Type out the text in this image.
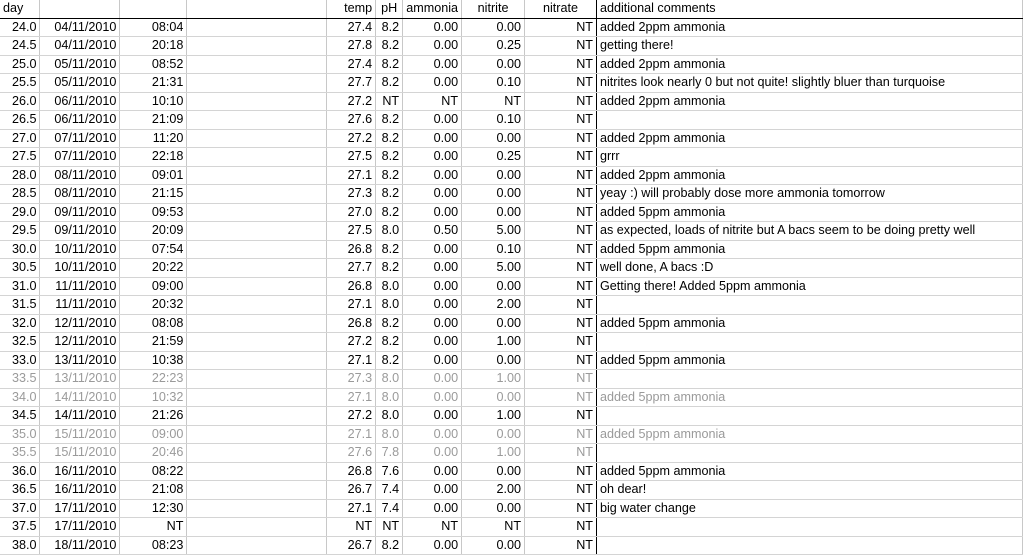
day				temp	pH	ammonia	nitrite	nitrate	additional comments
24.0	04/11/2010	08:04		27.4	8.2	0.00	0.00	NT	added 2ppm ammonia
24.5	04/11/2010	20:18		27.8	8.2	0.00	0.25	NT	getting there!
25.0	05/11/2010	08:52		27.4	8.2	0.00	0.00	NT	added 2ppm ammonia
25.5	05/11/2010	21:31		27.7	8.2	0.00	0.10	NT	nitrites look nearly 0 but not quite! slightly bluer than turquoise
26.0	06/11/2010	10:10		27.2	NT	NT	NT	NT	added 2ppm ammonia
26.5	06/11/2010	21:09		27.6	8.2	0.00	0.10	NT	
27.0	07/11/2010	11:20		27.2	8.2	0.00	0.00	NT	added 2ppm ammonia
27.5	07/11/2010	22:18		27.5	8.2	0.00	0.25	NT	grrr
28.0	08/11/2010	09:01		27.1	8.2	0.00	0.00	NT	added 2ppm ammonia
28.5	08/11/2010	21:15		27.3	8.2	0.00	0.00	NT	yeay :) will probably dose more ammonia tomorrow
29.0	09/11/2010	09:53		27.0	8.2	0.00	0.00	NT	added 5ppm ammonia
29.5	09/11/2010	20:09		27.5	8.0	0.50	5.00	NT	as expected, loads of nitrite but A bacs seem to be doing pretty well
30.0	10/11/2010	07:54		26.8	8.2	0.00	0.10	NT	added 5ppm ammonia
30.5	10/11/2010	20:22		27.7	8.2	0.00	5.00	NT	well done, A bacs :D
31.0	11/11/2010	09:00		26.8	8.0	0.00	0.00	NT	Getting there! Added 5ppm ammonia
31.5	11/11/2010	20:32		27.1	8.0	0.00	2.00	NT	
32.0	12/11/2010	08:08		26.8	8.2	0.00	0.00	NT	added 5ppm ammonia
32.5	12/11/2010	21:59		27.2	8.2	0.00	1.00	NT	
33.0	13/11/2010	10:38		27.1	8.2	0.00	0.00	NT	added 5ppm ammonia
33.5	13/11/2010	22:23		27.3	8.0	0.00	1.00	NT	
34.0	14/11/2010	10:32		27.1	8.0	0.00	0.00	NT	added 5ppm ammonia
34.5	14/11/2010	21:26		27.2	8.0	0.00	1.00	NT	
35.0	15/11/2010	09:00		27.1	8.0	0.00	0.00	NT	added 5ppm ammonia
35.5	15/11/2010	20:46		27.6	7.8	0.00	1.00	NT	
36.0	16/11/2010	08:22		26.8	7.6	0.00	0.00	NT	added 5ppm ammonia
36.5	16/11/2010	21:08		26.7	7.4	0.00	2.00	NT	oh dear!
37.0	17/11/2010	12:30		27.1	7.4	0.00	0.00	NT	big water change
37.5	17/11/2010	NT		NT	NT	NT	NT	NT	
38.0	18/11/2010	08:23		26.7	8.2	0.00	0.00	NT	
